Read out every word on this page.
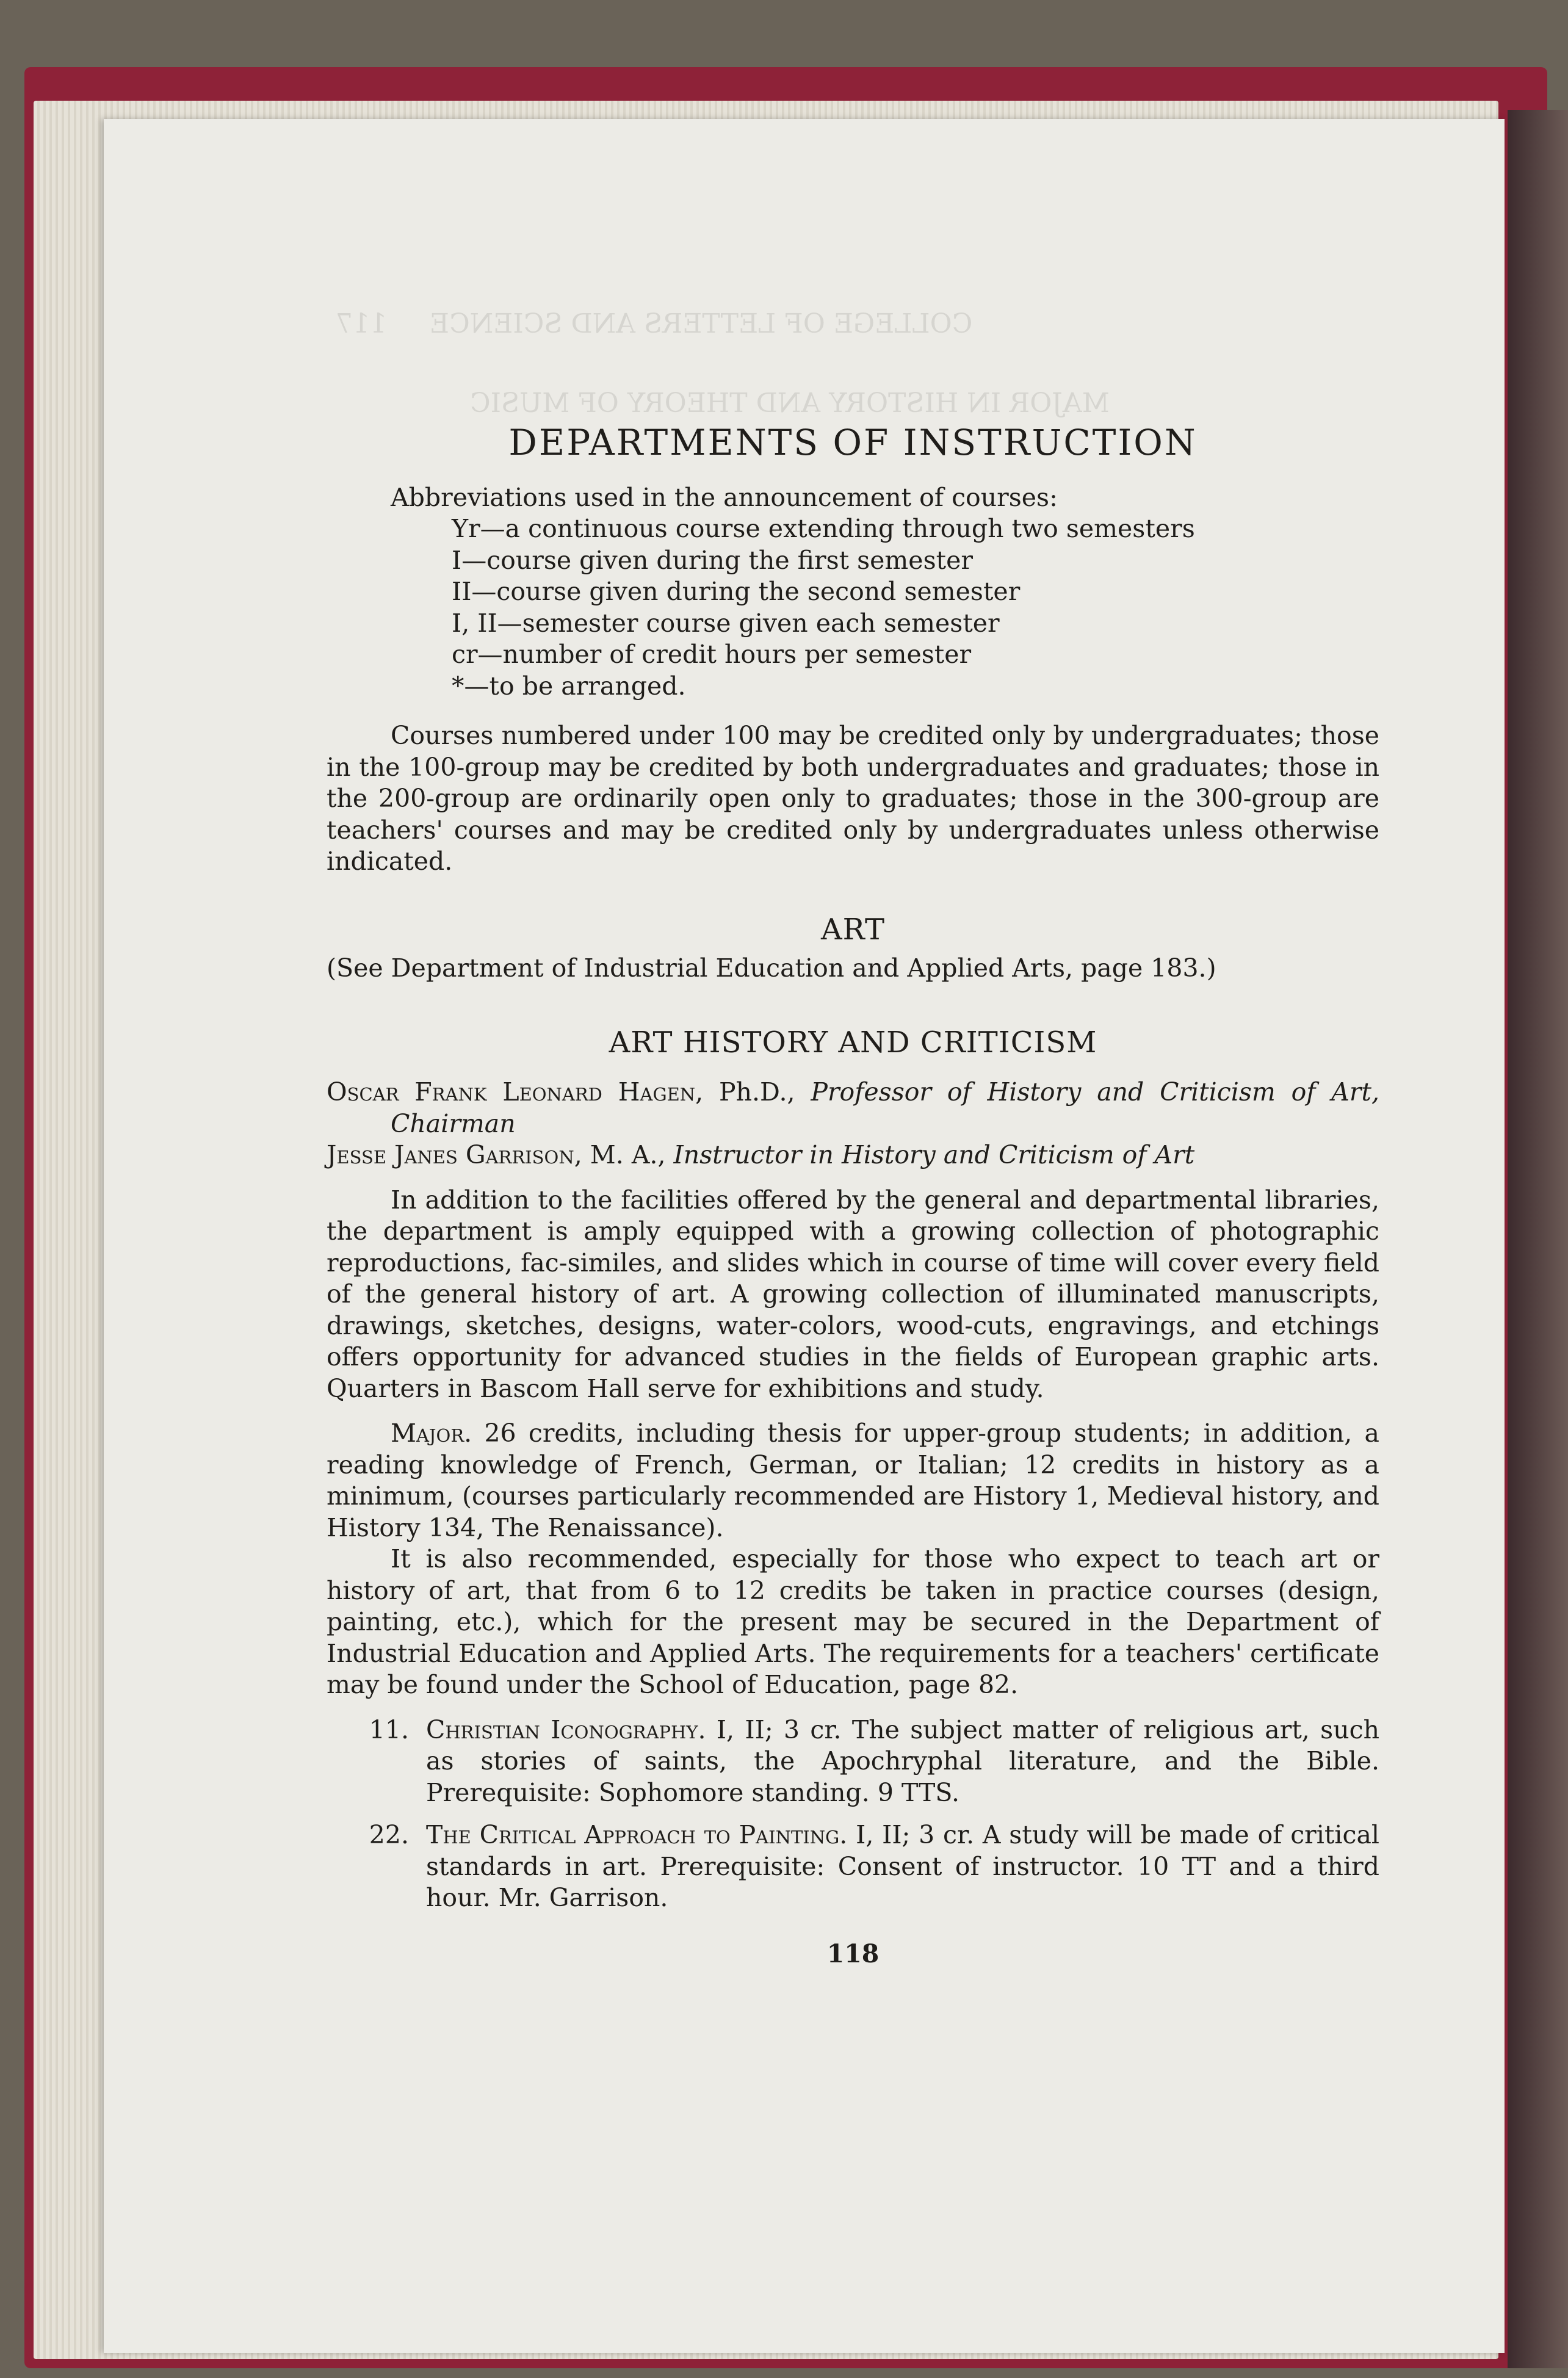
COLLEGE OF LETTERS AND SCIENCE     117
MAJOR IN HISTORY AND THEORY OF MUSIC
DEPARTMENTS OF INSTRUCTION

Abbreviations used in the announcement of courses:

Yr—a continuous course extending through two semesters
I—course given during the first semester
II—course given during the second semester
I, II—semester course given each semester
cr—number of credit hours per semester
*—to be arranged.

Courses numbered under 100 may be credited only by undergraduates; those in the 100-group may be credited by both undergraduates and graduates; those in the 200-group are ordinarily open only to graduates; those in the 300-group are teachers' courses and may be credited only by undergraduates unless otherwise indicated.

ART

(See Department of Industrial Education and Applied Arts, page 183.)

ART HISTORY AND CRITICISM

Oscar Frank Leonard Hagen, Ph.D., Professor of History and Criticism of Art, Chairman

Jesse Janes Garrison, M. A., Instructor in History and Criticism of Art

In addition to the facilities offered by the general and departmental libraries, the department is amply equipped with a growing collection of photographic reproductions, fac-similes, and slides which in course of time will cover every field of the general history of art. A growing collection of illuminated manuscripts, drawings, sketches, designs, water-colors, wood-cuts, engravings, and etchings offers opportunity for advanced studies in the fields of European graphic arts. Quarters in Bascom Hall serve for exhibitions and study.

Major. 26 credits, including thesis for upper-group students; in addition, a reading knowledge of French, German, or Italian; 12 credits in history as a minimum, (courses particularly recommended are History 1, Medieval history, and History 134, The Renaissance).

It is also recommended, especially for those who expect to teach art or history of art, that from 6 to 12 credits be taken in practice courses (design, painting, etc.), which for the present may be secured in the Department of Industrial Education and Applied Arts. The requirements for a teachers' certificate may be found under the School of Education, page 82.

11. Christian Iconography. I, II; 3 cr. The subject matter of religious art, such as stories of saints, the Apochryphal literature, and the Bible. Prerequisite: Sophomore standing. 9 TTS.
22. The Critical Approach to Painting. I, II; 3 cr. A study will be made of critical standards in art. Prerequisite: Consent of instructor. 10 TT and a third hour. Mr. Garrison.
118
